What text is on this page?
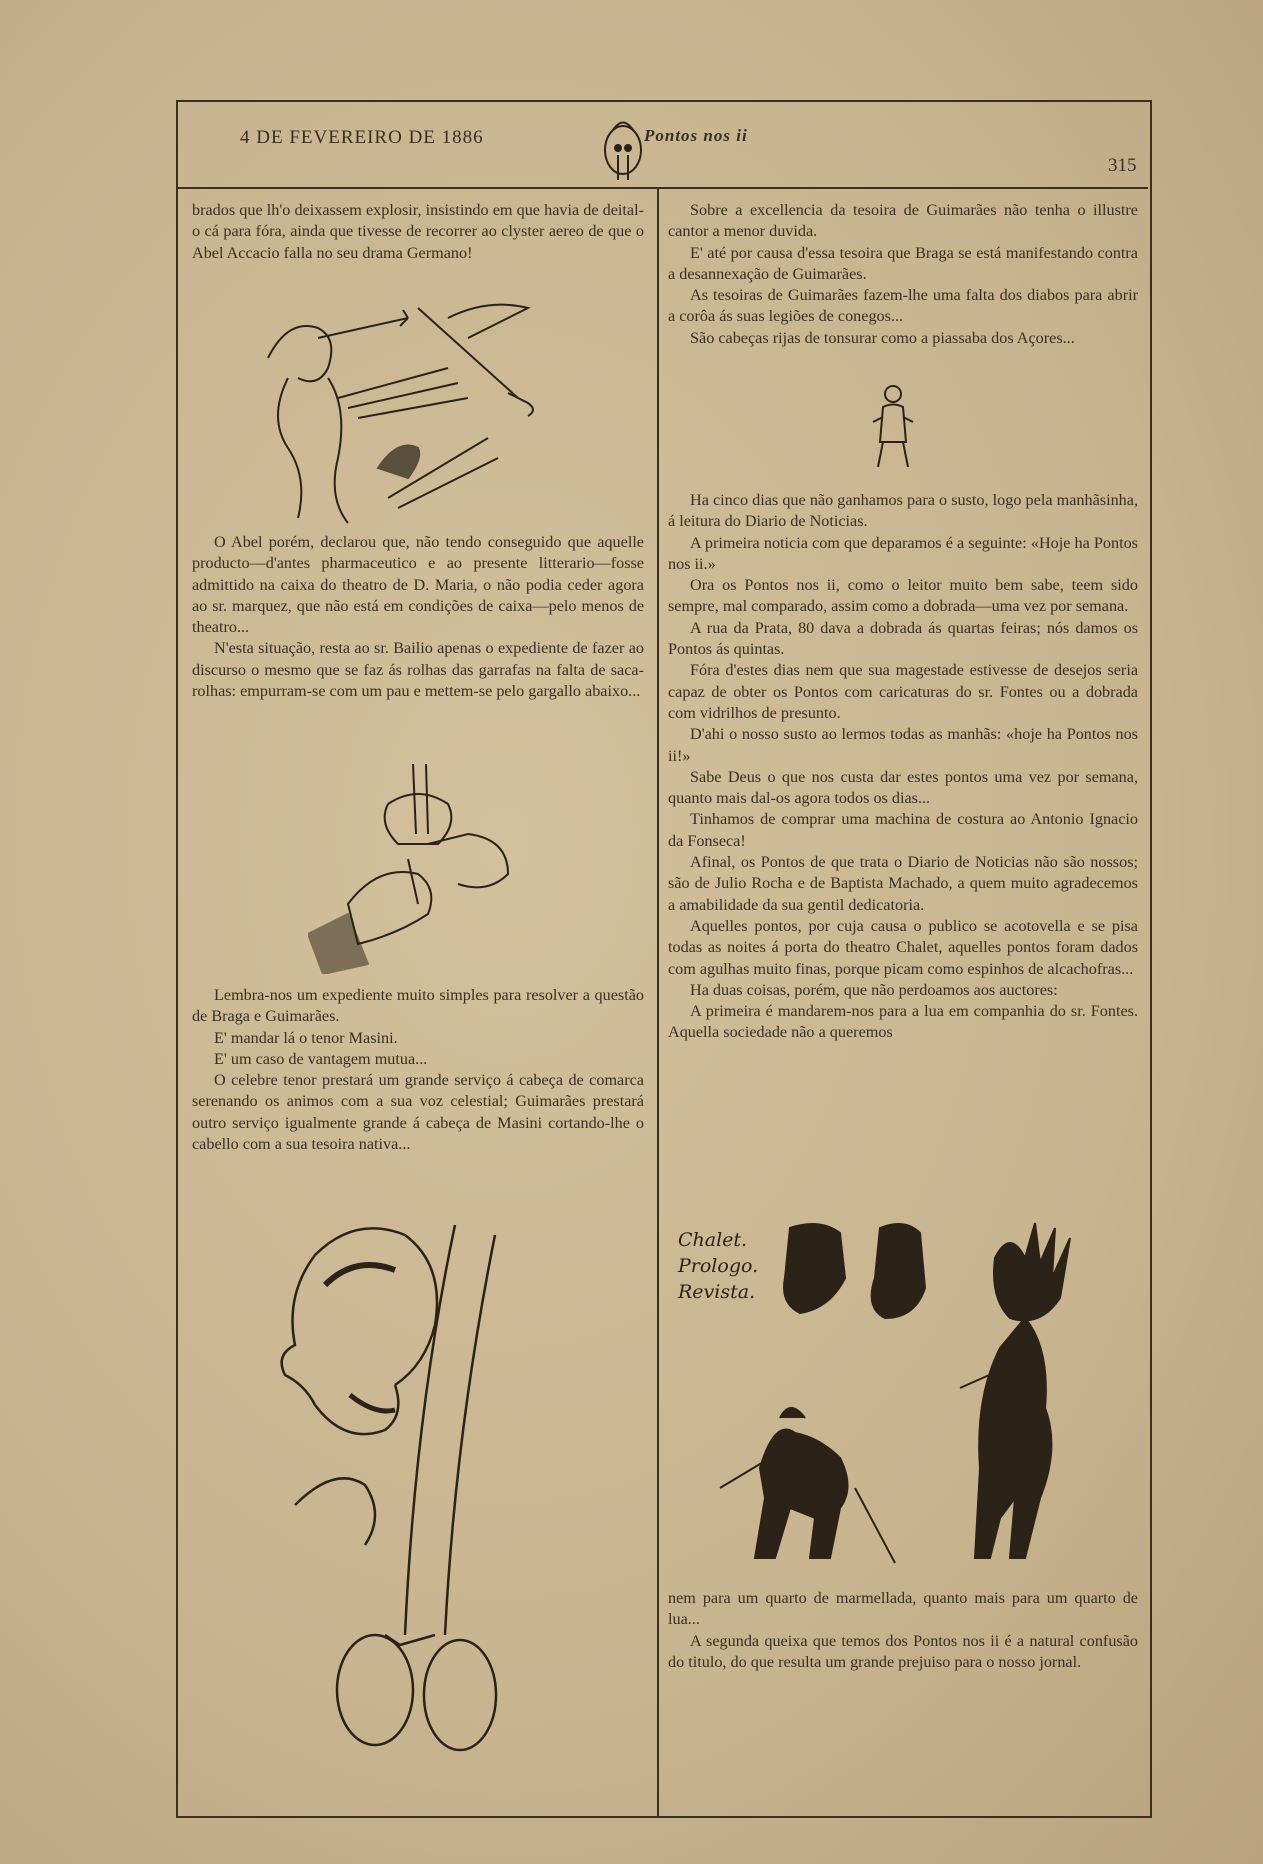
4 DE FEVEREIRO DE 1886	Pontos nos ii
315

brados que lh'o deixassem explosir, insistindo em que havia de deital-o cá para fóra, ainda que tivesse de recorrer ao clyster aereo de que o Abel Accacio falla no seu drama Germano!

O Abel porém, declarou que, não tendo conseguido que aquelle producto—d'antes pharmaceutico e ao presente litterario—fosse admittido na caixa do theatro de D. Maria, o não podia ceder agora ao sr. marquez, que não está em condições de caixa—pelo menos de theatro...

N'esta situação, resta ao sr. Bailio apenas o expediente de fazer ao discurso o mesmo que se faz ás rolhas das garrafas na falta de saca-rolhas: empurram-se com um pau e mettem-se pelo gargallo abaixo...

Lembra-nos um expediente muito simples para resolver a questão de Braga e Guimarães.

E' mandar lá o tenor Masini.

E' um caso de vantagem mutua...

O celebre tenor prestará um grande serviço á cabeça de comarca serenando os animos com a sua voz celestial; Guimarães prestará outro serviço igualmente grande á cabeça de Masini cortando-lhe o cabello com a sua tesoira nativa...

Sobre a excellencia da tesoira de Guimarães não tenha o illustre cantor a menor duvida.

E' até por causa d'essa tesoira que Braga se está manifestando contra a desannexação de Guimarães.

As tesoiras de Guimarães fazem-lhe uma falta dos diabos para abrir a corôa ás suas legiões de conegos...

São cabeças rijas de tonsurar como a piassaba dos Açores...

Ha cinco dias que não ganhamos para o susto, logo pela manhãsinha, á leitura do Diario de Noticias.

A primeira noticia com que deparamos é a seguinte: «Hoje ha Pontos nos ii.»

Ora os Pontos nos ii, como o leitor muito bem sabe, teem sido sempre, mal comparado, assim como a dobrada—uma vez por semana.

A rua da Prata, 80 dava a dobrada ás quartas feiras; nós damos os Pontos ás quintas.

Fóra d'estes dias nem que sua magestade estivesse de desejos seria capaz de obter os Pontos com caricaturas do sr. Fontes ou a dobrada com vidrilhos de presunto.

D'ahi o nosso susto ao lermos todas as manhãs: «hoje ha Pontos nos ii!»

Sabe Deus o que nos custa dar estes pontos uma vez por semana, quanto mais dal-os agora todos os dias...

Tinhamos de comprar uma machina de costura ao Antonio Ignacio da Fonseca!

Afinal, os Pontos de que trata o Diario de Noticias não são nossos; são de Julio Rocha e de Baptista Machado, a quem muito agradecemos a amabilidade da sua gentil dedicatoria.

Aquelles pontos, por cuja causa o publico se acotovella e se pisa todas as noites á porta do theatro Chalet, aquelles pontos foram dados com agulhas muito finas, porque picam como espinhos de alcachofras...

Ha duas coisas, porém, que não perdoamos aos auctores:

A primeira é mandarem-nos para a lua em companhia do sr. Fontes. Aquella sociedade não a queremos

Chalet.
Prologo.
Revista.

nem para um quarto de marmellada, quanto mais para um quarto de lua...

A segunda queixa que temos dos Pontos nos ii é a natural confusão do titulo, do que resulta um grande prejuiso para o nosso jornal.
